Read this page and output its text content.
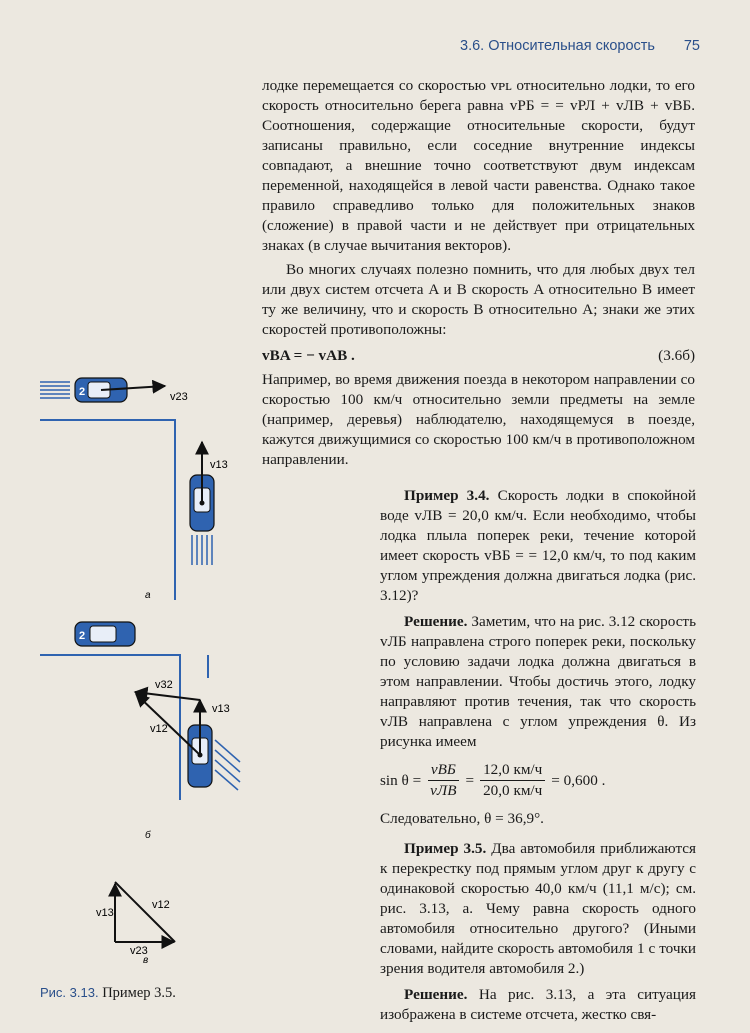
3.6. Относительная скорость 75

лодке перемещается со скоростью vᴘʟ относительно лодки, то его скорость относительно берега равна vРБ = = vРЛ + vЛВ + vВБ. Соотношения, содержащие относительные скорости, будут записаны правильно, если соседние внутренние индексы совпадают, а внешние точно соответствуют двум индексам переменной, находящейся в левой части равенства. Однако такое правило справедливо только для положительных знаков (сложение) в правой части и не действует при отрицательных знаках (в случае вычитания векторов).

Во многих случаях полезно помнить, что для любых двух тел или двух систем отсчета A и B скорость A относительно B имеет ту же величину, что и скорость B относительно A; знаки же этих скоростей противоположны:

vBA = − vAB .	(3.6б)

Например, во время движения поезда в некотором направлении со скоростью 100 км/ч относительно земли предметы на земле (например, деревья) наблюдателю, находящемуся в поезде, кажутся движущимися со скоростью 100 км/ч в противоположном направлении.

Пример 3.4. Скорость лодки в спокойной воде vЛВ = 20,0 км/ч. Если необходимо, чтобы лодка плыла поперек реки, течение которой имеет скорость vВБ = = 12,0 км/ч, то под каким углом упреждения должна двигаться лодка (рис. 3.12)?

Решение. Заметим, что на рис. 3.12 скорость vЛБ направлена строго поперек реки, поскольку по условию задачи лодка должна двигаться в этом направлении. Чтобы достичь этого, лодку направляют против течения, так что скорость vЛВ направлена с углом упреждения θ. Из рисунка имеем

$\sin \theta = \frac{\text{vВБ}}{\text{vЛВ}} = \frac{12,0 км/ч}{20,0 км/ч} = 0,600$ .

Следовательно, θ = 36,9°.

Пример 3.5. Два автомобиля приближаются к перекрестку под прямым углом друг к другу с одинаковой скоростью 40,0 км/ч (11,1 м/с); см. рис. 3.13, а. Чему равна скорость одного автомобиля относительно другого? (Иными словами, найдите скорость автомобиля 1 с точки зрения водителя автомобиля 2.)

Решение. На рис. 3.13, а эта ситуация изображена в системе отсчета, жестко свя-

2	v23
v13
а
2
v32
v13
v12
б
v13
v12
v23
в
Рис. 3.13. Пример 3.5.
